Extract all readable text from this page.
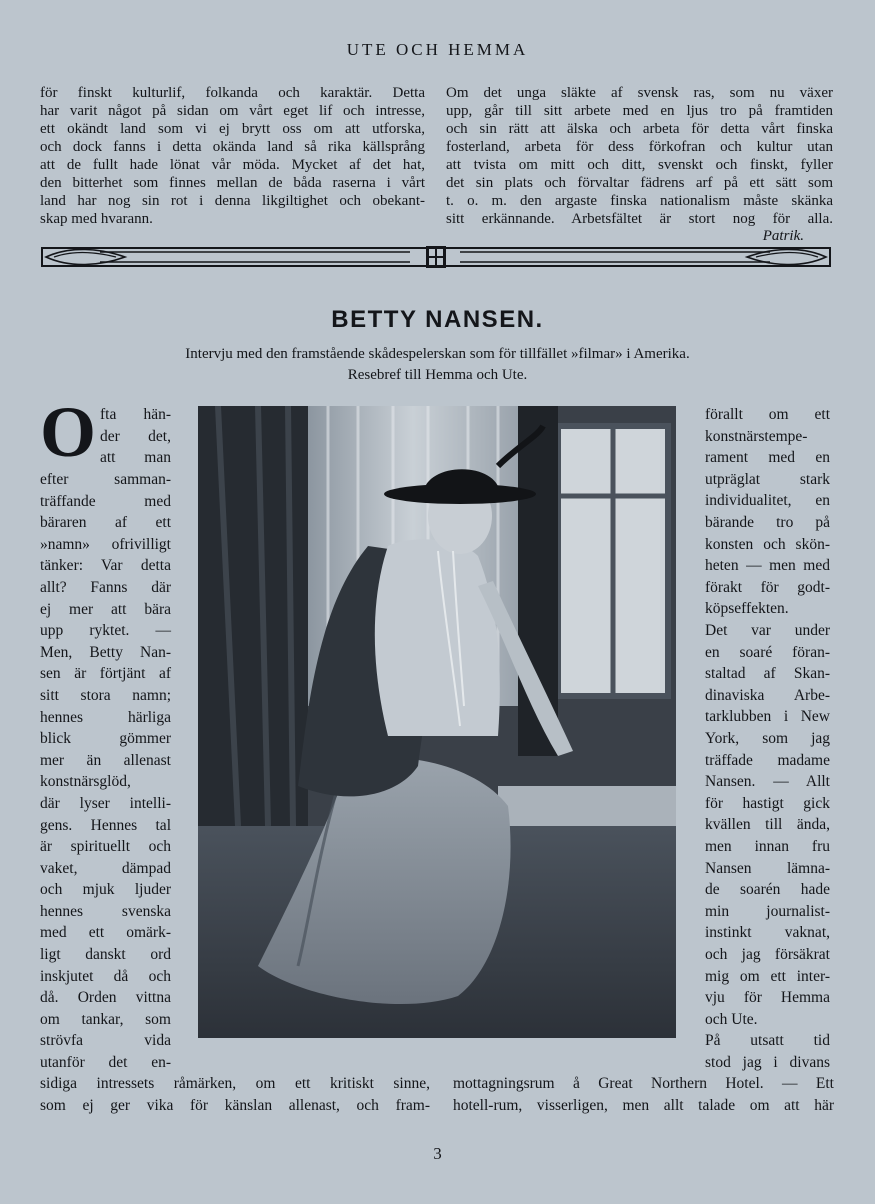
UTE OCH HEMMA
för finskt kulturlif, folkanda och karaktär. Detta
har varit något på sidan om vårt eget lif och intresse,
ett okändt land som vi ej brytt oss om att utforska,
och dock fanns i detta okända land så rika källsprång
att de fullt hade lönat vår möda. Mycket af det hat,
den bitterhet som finnes mellan de båda raserna i vårt
land har nog sin rot i denna likgiltighet och obekant-
skap med hvarann.
Om det unga släkte af svensk ras, som nu växer
upp, går till sitt arbete med en ljus tro på framtiden
och sin rätt att älska och arbeta för detta vårt finska
fosterland, arbeta för dess förkofran och kultur utan
att tvista om mitt och ditt, svenskt och finskt, fyller
det sin plats och förvaltar fädrens arf på ett sätt som
t. o. m. den argaste finska nationalism måste skänka
sitt erkännande. Arbetsfältet är stort nog för alla.
Patrik.
BETTY NANSEN.
Intervju med den framstående skådespelerskan som för tillfället »filmar» i Amerika.
Resebref till Hemma och Ute.
O fta hän-
der det,
att man
efter samman-
träffande med
bäraren af ett
»namn» ofrivilligt
tänker: Var detta
allt? Fanns där
ej mer att bära
upp ryktet. —
Men, Betty Nan-
sen är förtjänt af
sitt stora namn;
hennes härliga
blick gömmer
mer än allenast
konstnärsglöd,
där lyser intelli-
gens. Hennes tal
är spirituellt och
vaket, dämpad
och mjuk ljuder
hennes svenska
med ett omärk-
ligt danskt ord
inskjutet då och
då. Orden vittna
om tankar, som
strövfa vida
utanför det en-
förallt om ett
konstnärstempe-
rament med en
utpräglat stark
individualitet, en
bärande tro på
konsten och skön-
heten — men med
förakt för godt-
köpseffekten.
Det var under
en soaré föran-
staltad af Skan-
dinaviska Arbe-
tarklubben i New
York, som jag
träffade madame
Nansen. — Allt
för hastigt gick
kvällen till ända,
men innan fru
Nansen lämna-
de soarén hade
min journalist-
instinkt vaknat,
och jag försäkrat
mig om ett inter-
vju för Hemma
och Ute.
På utsatt tid
stod jag i divans
sidiga intressets råmärken, om ett kritiskt sinne,
som ej ger vika för känslan allenast, och fram-
mottagningsrum å Great Northern Hotel. — Ett
hotell-rum, visserligen, men allt talade om att här
3
